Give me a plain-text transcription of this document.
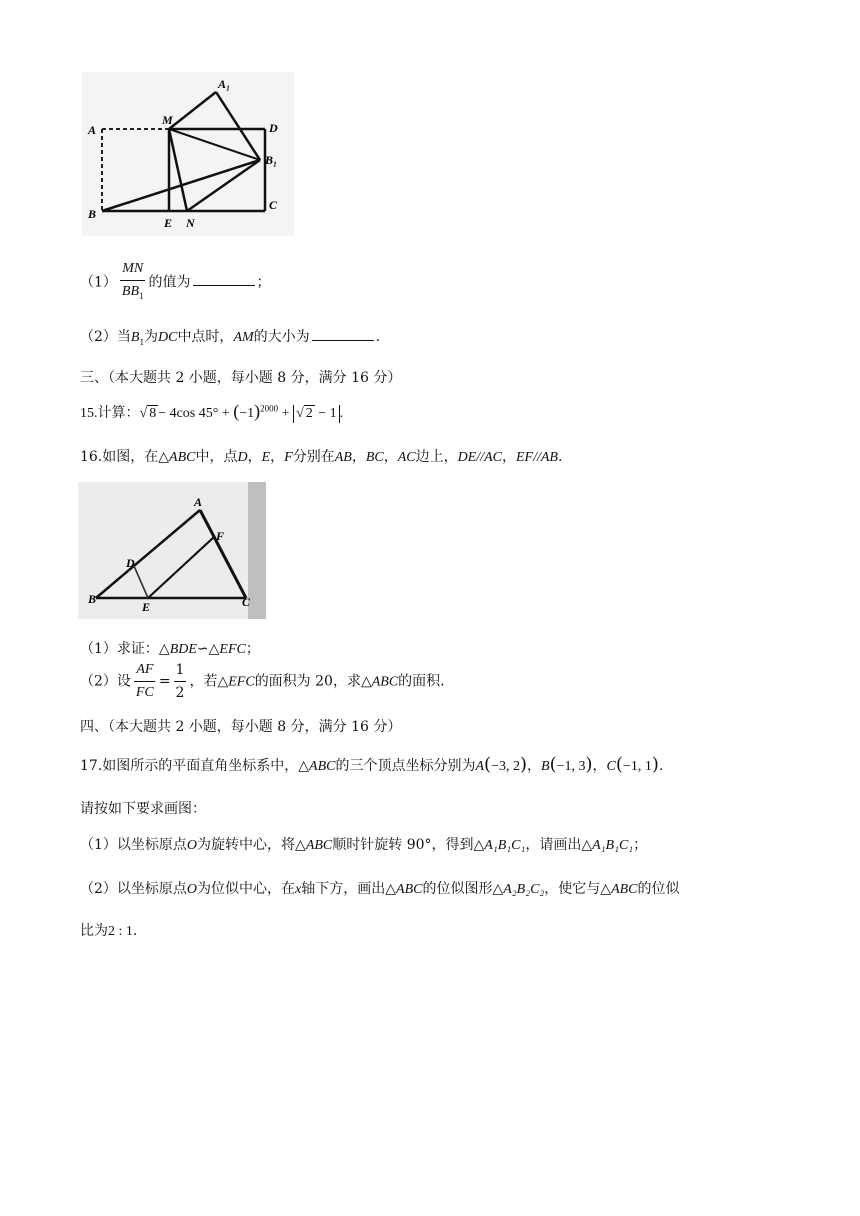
A
A₁
M
D
B₁
B
E N
C
$(1) \frac{MN}{BB_1}$ 的值为	；
（2）当$B_1$为DC中点时，AM的大小为	.
三、（本大题共 2 小题，每小题 8 分，满分 16 分）
15.计算：√ 8 − 4cos $45^\circ + (-1)^{2000}$ + √ 2 − 1 .
16.如图，在△ABC中，点D，E，F分别在AB，BC，AC边上，DE//AC，EF//AB.
A
F
D
B
E	C
（1）求证：△BDE∽△EFC；
（2）设 $\frac{AF}{FC} = \frac{1}{2}$ ，若△EFC的面积为 20，求△ABC的面积.
四、（本大题共 2 小题，每小题 8 分，满分 16 分）
17.如图所示的平面直角坐标系中，△ABC的三个顶点坐标分别为A(−3, 2)，B(−1, 3)，C(−1, 1).
请按如下要求画图：
（1）以坐标原点O为旋转中心，将△ABC顺时针旋转 90°，得到△A₁B₁C₁，请画出△A₁B₁C₁；
（2）以坐标原点O为位似中心，在x轴下方，画出△ABC的位似图形△A₂B₂C₂，使它与△ABC的位似
比为2 : 1.
